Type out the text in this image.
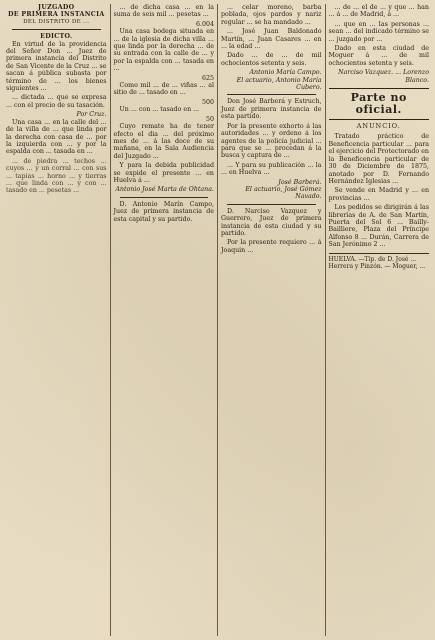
JUZGADO
DE PRIMERA INSTANCIA
DEL DISTRITO DE ...
EDICTO.

En virtud de la providencia del Señor Don ... Juez de primera instancia del Distrito de San Vicente de la Cruz ... se sacan á pública subasta por término de ... los bienes siguientes ...

... dictada ... que se expresa ... con el precio de su tasación.

Por Cruz.

Una casa ... en la calle del ... de la villa de ... que linda por la derecha con casa de ... por la izquierda con ... y por la espalda con ... tasada en ...

... de piedra ... techos ... cuyos ... y un corral ... con sus ... tapias ... horno ... y tierras ... que linda con ... y con ... tasado en ... pesetas ...

... de dicha casa ... en la suma de seis mil ... pesetas ...

6.004

Una casa bodega situada en ... de la iglesia de dicha villa ... que linda por la derecha ... de su entrada con la calle de ... y por la espalda con ... tasada en ...

625

Como mil ... de ... viñas ... al sitio de ... tasado en ...

500

Un ... con ... tasado en ...

50

Cuyo remate ha de tener efecto el dia ... del próximo mes de ... á las doce de su mañana, en la Sala Audiencia del Juzgado ...

Y para la debida publicidad se expide el presente ... en Huelva á ...

Antonio José Marta de Ohtana.

D. Antonio Marín Campo, Juez de primera instancia de esta capital y su partido.

... celar moreno, barba poblada, ojos pardos y nariz regular ... se ha mandado ...

... José Juan Baldonado Martín, ... Juan Casares ... en ... la edad ...

Dado ... de ... de mil ochocientos setenta y seis.

Antonio María Campo.
El actuario, Antonio María Cubero.

Don José Barberá y Estruch, Juez de primera instancia de esta partido.

Por la presente exhorto á las autoridades ... y ordeno á los agentes de la policía judicial ... para que se ... procedan á la busca y captura de ...

... Y para su publicación ... la ... en Huelva ...

José Barberá.
El actuario, José Gómez Navado.

D. Narciso Vazquez y Guerrero, Juez de primera instancia de esta ciudad y su partido.

Por la presente requiero ... á Joaquin ...

... de ... el de ... y que ... han ... á ... de Madrid, á ...

... que en ... las personas ... sean ... del indicado término se ... juzgado por ...

Dado en esta ciudad de Moguer á ... de mil ochocientos setenta y seis.

Narciso Vazquez. ... Lorenzo Blanco.
Parte no oficial.
ANUNCIO.

Tratado práctico de Beneficencia particular ... para el ejercicio del Protectorado en la Beneficencia particular de 30 de Diciembre de 1875, anotado por D. Fernando Hernández Iglesias ...

Se vende en Madrid y ... en provincias ...

Los pedidos se dirigirán á las librerías de A. de San Martín, Puerta del Sol 6 ... Bailly-Bailliere, Plaza del Príncipe Alfonso 8 ... Durán, Carrera de San Jerónimo 2 ...

HUELVA. —Tip. de D. José ... Herrera y Pinzón. — Moguer, ...
